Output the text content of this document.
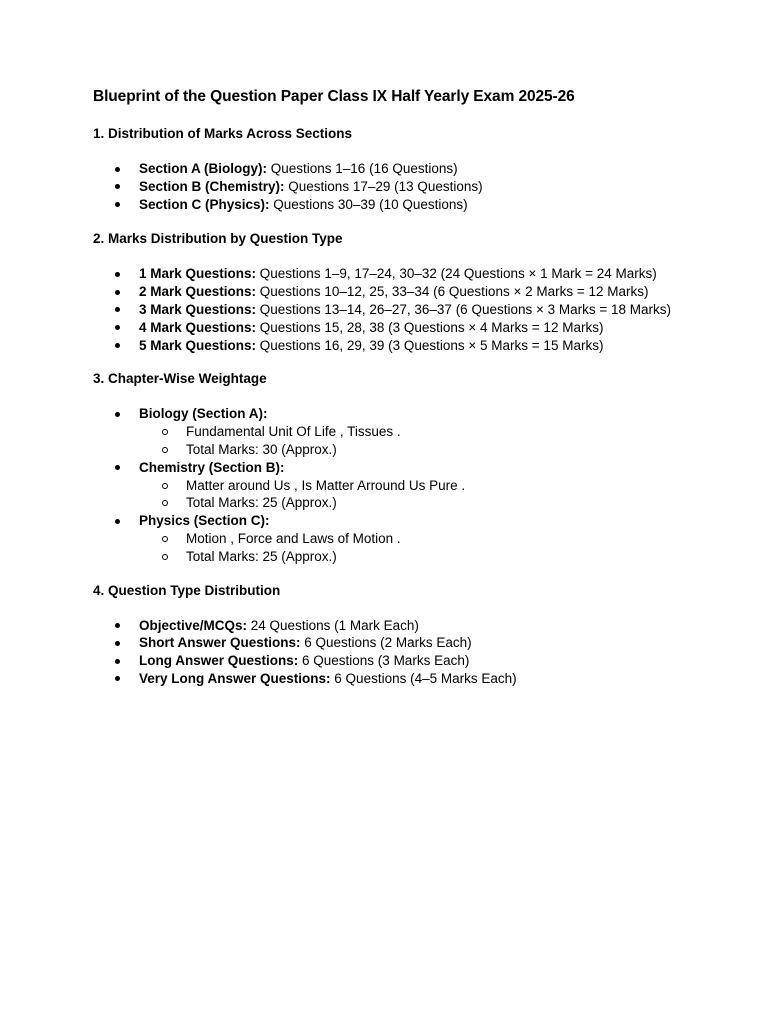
Blueprint of the Question Paper Class IX Half Yearly Exam 2025-26

1. Distribution of Marks Across Sections

Section A (Biology): Questions 1–16 (16 Questions)
Section B (Chemistry): Questions 17–29 (13 Questions)
Section C (Physics): Questions 30–39 (10 Questions)

2. Marks Distribution by Question Type

1 Mark Questions: Questions 1–9, 17–24, 30–32 (24 Questions × 1 Mark = 24 Marks)
2 Mark Questions: Questions 10–12, 25, 33–34 (6 Questions × 2 Marks = 12 Marks)
3 Mark Questions: Questions 13–14, 26–27, 36–37 (6 Questions × 3 Marks = 18 Marks)
4 Mark Questions: Questions 15, 28, 38 (3 Questions × 4 Marks = 12 Marks)
5 Mark Questions: Questions 16, 29, 39 (3 Questions × 5 Marks = 15 Marks)

3. Chapter-Wise Weightage

Biology (Section A):
Fundamental Unit Of Life , Tissues .
Total Marks: 30 (Approx.)
Chemistry (Section B):
Matter around Us , Is Matter Arround Us Pure .
Total Marks: 25 (Approx.)
Physics (Section C):
Motion , Force and Laws of Motion .
Total Marks: 25 (Approx.)

4. Question Type Distribution

Objective/MCQs: 24 Questions (1 Mark Each)
Short Answer Questions: 6 Questions (2 Marks Each)
Long Answer Questions: 6 Questions (3 Marks Each)
Very Long Answer Questions: 6 Questions (4–5 Marks Each)
